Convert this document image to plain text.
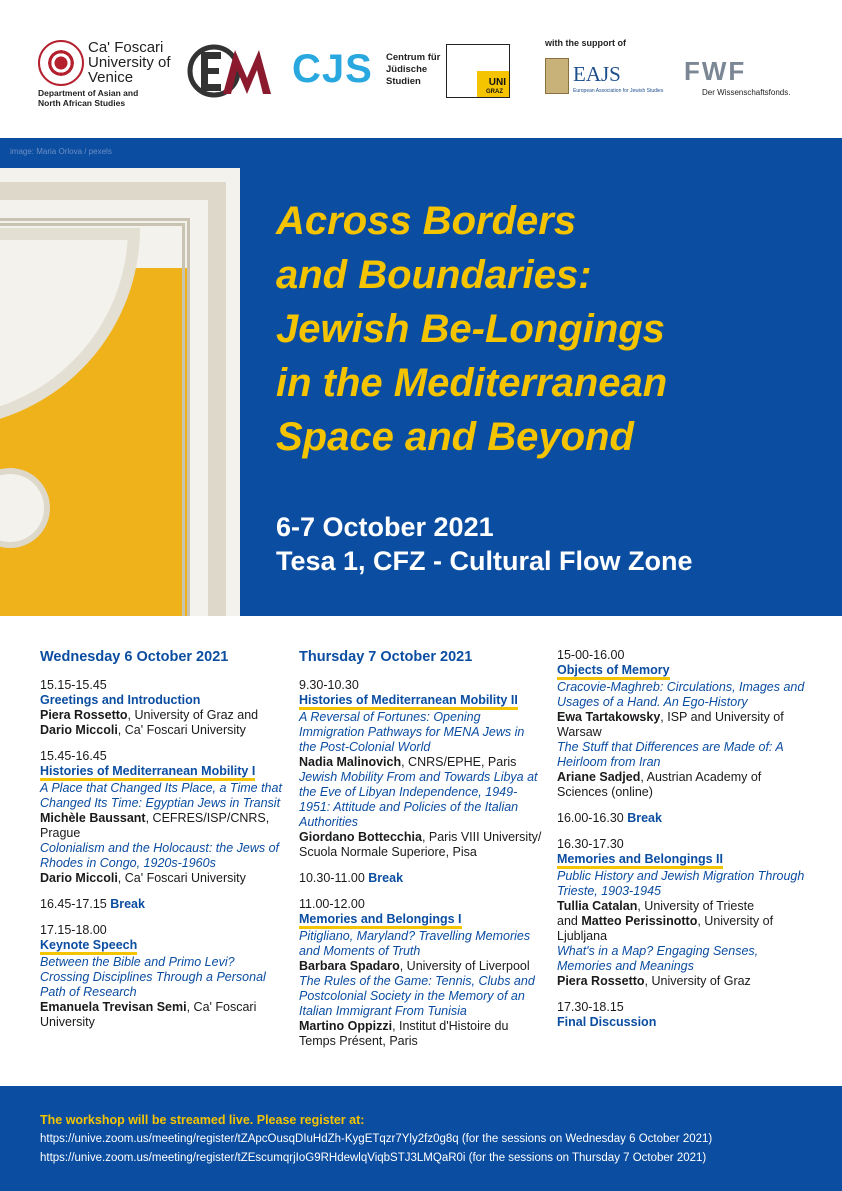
Ca' Foscari University of Venice
Department of Asian and North African Studies
CJS Centrum für Jüdische Studien	UNI
GRAZ
with the support of
EAJS
European Association for Jewish Studies
FWF
Der Wissenschaftsfonds.
image: Maria Orlova / pexels
Across Borders
and Boundaries:
Jewish Be-Longings
in the Mediterranean
Space and Beyond
6-7 October 2021
Tesa 1, CFZ - Cultural Flow Zone
Wednesday 6 October 2021
15.15-15.45
Greetings and Introduction
Piera Rossetto, University of Graz and
Dario Miccoli, Ca' Foscari University
15.45-16.45
Histories of Mediterranean Mobility I
A Place that Changed Its Place, a Time that Changed Its Time: Egyptian Jews in Transit
Michèle Baussant, CEFRES/ISP/CNRS, Prague
Colonialism and the Holocaust: the Jews of Rhodes in Congo, 1920s-1960s
Dario Miccoli, Ca' Foscari University
16.45-17.15 Break
17.15-18.00
Keynote Speech
Between the Bible and Primo Levi? Crossing Disciplines Through a Personal Path of Research
Emanuela Trevisan Semi, Ca' Foscari University
Thursday 7 October 2021
9.30-10.30
Histories of Mediterranean Mobility II
A Reversal of Fortunes: Opening Immigration Pathways for MENA Jews in the Post-Colonial World
Nadia Malinovich, CNRS/EPHE, Paris
Jewish Mobility From and Towards Libya at the Eve of Libyan Independence, 1949-1951: Attitude and Policies of the Italian Authorities
Giordano Bottecchia, Paris VIII University/ Scuola Normale Superiore, Pisa
10.30-11.00 Break
11.00-12.00
Memories and Belongings I
Pitigliano, Maryland? Travelling Memories and Moments of Truth
Barbara Spadaro, University of Liverpool
The Rules of the Game: Tennis, Clubs and Postcolonial Society in the Memory of an Italian Immigrant From Tunisia
Martino Oppizzi, Institut d'Histoire du Temps Présent, Paris
15-00-16.00
Objects of Memory
Cracovie-Maghreb: Circulations, Images and Usages of a Hand. An Ego-History
Ewa Tartakowsky, ISP and University of Warsaw
The Stuff that Differences are Made of: A Heirloom from Iran
Ariane Sadjed, Austrian Academy of Sciences (online)
16.00-16.30 Break
16.30-17.30
Memories and Belongings II
Public History and Jewish Migration Through Trieste, 1903-1945
Tullia Catalan, University of Trieste
and Matteo Perissinotto, University of Ljubljana
What's in a Map? Engaging Senses, Memories and Meanings
Piera Rossetto, University of Graz
17.30-18.15
Final Discussion
The workshop will be streamed live. Please register at:
https://unive.zoom.us/meeting/register/tZApcOusqDIuHdZh-KygETqzr7Yly2fz0g8q (for the sessions on Wednesday 6 October 2021)
https://unive.zoom.us/meeting/register/tZEscumqrjIoG9RHdewlqViqbSTJ3LMQaR0i (for the sessions on Thursday 7 October 2021)
